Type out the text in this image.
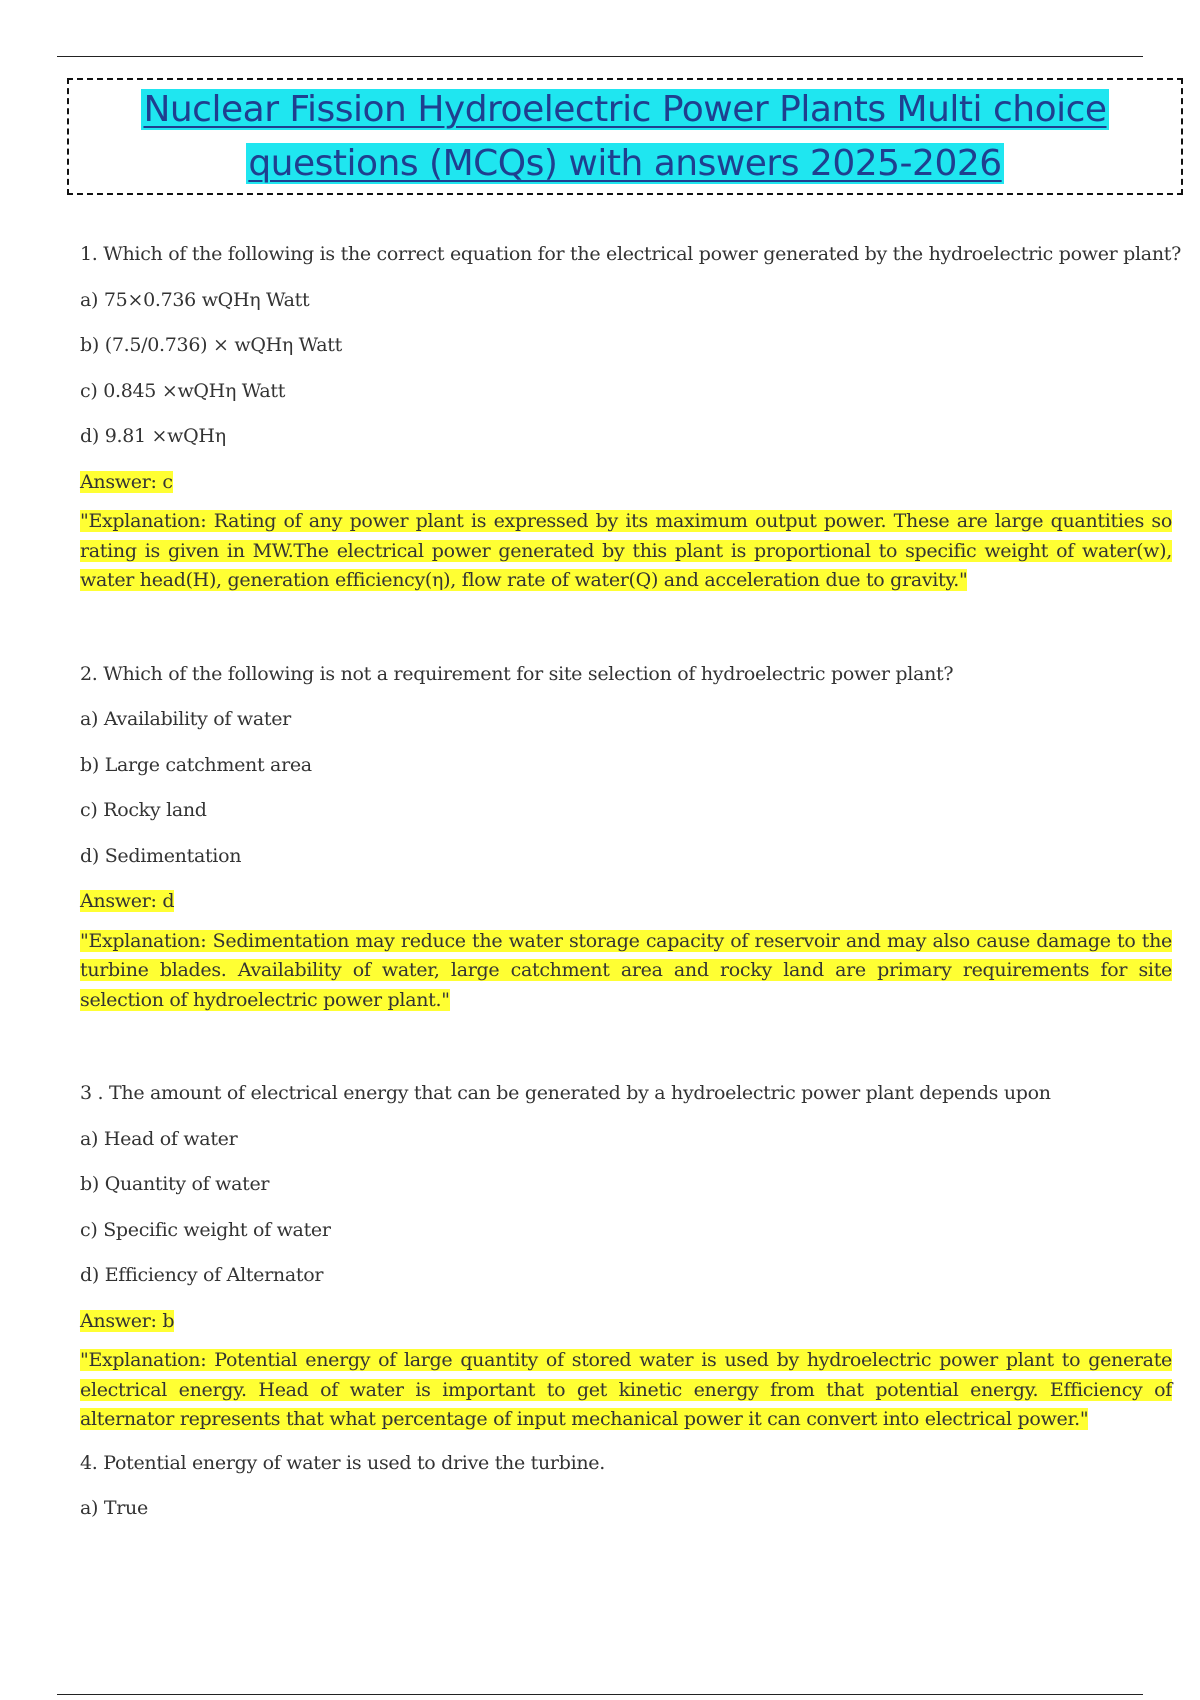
Nuclear Fission Hydroelectric Power Plants Multi choice
questions (MCQs) with answers 2025-2026
1. Which of the following is the correct equation for the electrical power generated by the hydroelectric power plant?
a) 75×0.736 wQHη Watt
b) (7.5/0.736) × wQHη Watt
c) 0.845 ×wQHη Watt
d) 9.81 ×wQHη
Answer: c
"Explanation: Rating of any power plant is expressed by its maximum output power. These are large quantities so rating is given in MW.The electrical power generated by this plant is proportional to specific weight of water(w), water head(H), generation efficiency(η), flow rate of water(Q) and acceleration due to gravity."
2. Which of the following is not a requirement for site selection of hydroelectric power plant?
a) Availability of water
b) Large catchment area
c) Rocky land
d) Sedimentation
Answer: d
"Explanation: Sedimentation may reduce the water storage capacity of reservoir and may also cause damage to the turbine blades. Availability of water, large catchment area and rocky land are primary requirements for site selection of hydroelectric power plant."
3 . The amount of electrical energy that can be generated by a hydroelectric power plant depends upon
a) Head of water
b) Quantity of water
c) Specific weight of water
d) Efficiency of Alternator
Answer: b
"Explanation: Potential energy of large quantity of stored water is used by hydroelectric power plant to generate electrical energy. Head of water is important to get kinetic energy from that potential energy. Efficiency of alternator represents that what percentage of input mechanical power it can convert into electrical power."
4. Potential energy of water is used to drive the turbine.
a) True
